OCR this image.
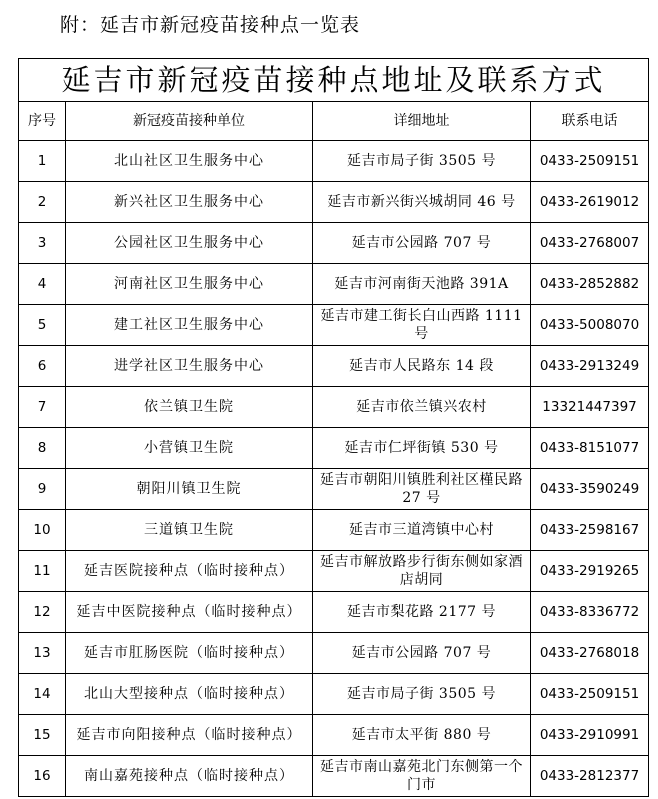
附：延吉市新冠疫苗接种点一览表
延吉市新冠疫苗接种点地址及联系方式			
序号	新冠疫苗接种单位	详细地址	联系电话
1	北山社区卫生服务中心	延吉市局子街 3505 号	0433-2509151
2	新兴社区卫生服务中心	延吉市新兴街兴城胡同 46 号	0433-2619012
3	公园社区卫生服务中心	延吉市公园路 707 号	0433-2768007
4	河南社区卫生服务中心	延吉市河南街天池路 391A	0433-2852882
5	建工社区卫生服务中心	延吉市建工街长白山西路 1111 号	0433-5008070
6	进学社区卫生服务中心	延吉市人民路东 14 段	0433-2913249
7	依兰镇卫生院	延吉市依兰镇兴农村	13321447397
8	小营镇卫生院	延吉市仁坪街镇 530 号	0433-8151077
9	朝阳川镇卫生院	延吉市朝阳川镇胜利社区槿民路 27 号	0433-3590249
10	三道镇卫生院	延吉市三道湾镇中心村	0433-2598167
11	延吉医院接种点（临时接种点）	延吉市解放路步行街东侧如家酒店胡同	0433-2919265
12	延吉中医院接种点（临时接种点）	延吉市梨花路 2177 号	0433-8336772
13	延吉市肛肠医院（临时接种点）	延吉市公园路 707 号	0433-2768018
14	北山大型接种点（临时接种点）	延吉市局子街 3505 号	0433-2509151
15	延吉市向阳接种点（临时接种点）	延吉市太平街 880 号	0433-2910991
16	南山嘉苑接种点（临时接种点）	延吉市南山嘉苑北门东侧第一个门市	0433-2812377
